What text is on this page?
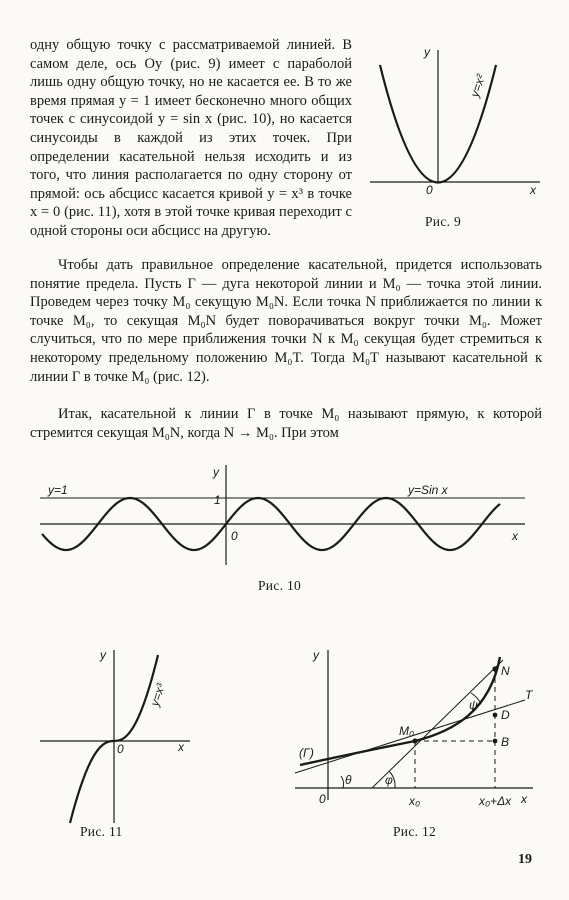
одну общую точку с рассматриваемой линией. В самом деле, ось Oy (рис. 9) имеет с параболой лишь одну общую точку, но не касается ее. В то же время прямая y = 1 имеет бесконечно много общих точек с синусоидой y = sin x (рис. 10), но касается синусоиды в каждой из этих точек. При определении касательной нельзя исходить и из того, что линия располагается по одну сторону от прямой: ось абсцисс касается кривой y = x³ в точке x = 0 (рис. 11), хотя в этой точке кривая переходит с одной стороны оси абсцисс на другую.

Чтобы дать правильное определение касательной, придется использовать понятие предела. Пусть Γ — дуга некоторой линии и M₀ — точка этой линии. Проведем через точку M₀ секущую M₀N. Если точка N приближается по линии к точке M₀, то секущая M₀N будет поворачиваться вокруг точки M₀. Может случиться, что по мере приближения точки N к M₀ секущая будет стремиться к некоторому предельному положению M₀T. Тогда M₀T называют касательной к линии Γ в точке M₀ (рис. 12).

Итак, касательной к линии Γ в точке M₀ называют прямую, к которой стремится секущая M₀N, когда N → M₀. При этом

y
x
0
y=x²
Рис. 9
y
x
0
1
y=1	y=Sin x
Рис. 10
y
x
0
y=x³
Рис. 11
y
x
0
(Γ)
θ	φ
ψ
M₀
N
T
D
B
x₀	x₀+Δx
Рис. 12
19
